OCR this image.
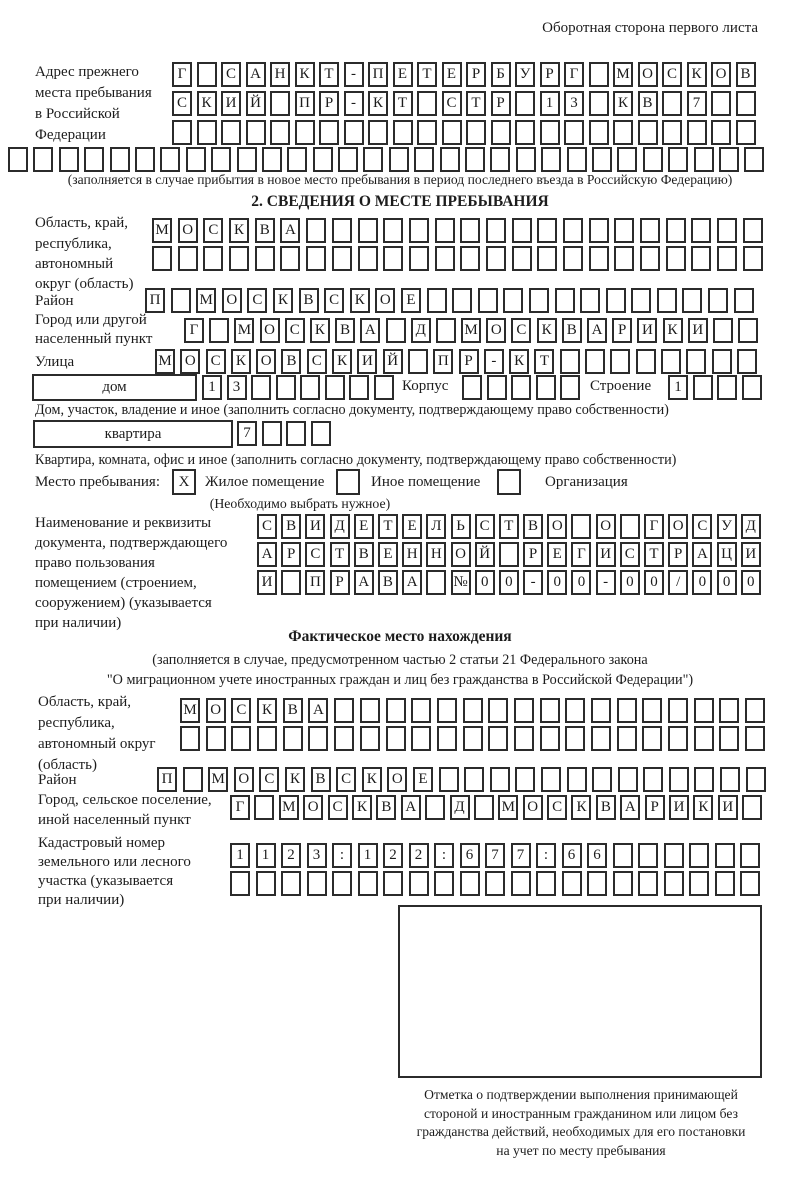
Оборотная сторона первого листа
Адрес прежнего
места пребывания
в Российской
Федерации
Г	С А Н К Т	-	П Е	Т	Е	Р	Б У	Р	Г	М О С К О В
С К И Й	П Р	-	К Т	С Т	Р	1	3	К В	7
(заполняется в случае прибытия в новое место пребывания в период последнего въезда в Российскую Федерацию)
2. СВЕДЕНИЯ О МЕСТЕ ПРЕБЫВАНИЯ
Область, край,
республика,
автономный
округ (область)
М О	С	К	В	А
Район	П	М О	С	К	В	С	К	О	Е
Город или другой
населенный пункт
Г	М О С	К	В А	Д	М О С	К	В А	Р	И К И
Улица	М О С	К О В	С	К И Й	П	Р	-	К	Т
дом	1	3	Корпус	Строение	1
Дом, участок, владение и иное (заполнить согласно документу, подтверждающему право собственности)
квартира	7
Квартира, комната, офис и иное (заполнить согласно документу, подтверждающему право собственности)
Место пребывания: X Жилое помещение	Иное помещение	Организация
(Необходимо выбрать нужное)
Наименование и реквизиты
документа, подтверждающего
право пользования
помещением (строением,
сооружением) (указывается
при наличии)
С В И Д Е	Т	Е Л Ь С Т В О	О	Г О С У Д
А Р	С Т В Е Н Н О Й	Р	Е	Г И С Т	Р А Ц И
И	П Р А В А	№ 0	0	-	0	0	-	0	0	/	0	0	0
Фактическое место нахождения
(заполняется в случае, предусмотренном частью 2 статьи 21 Федерального закона
"О миграционном учете иностранных граждан и лиц без гражданства в Российской Федерации")
Область, край,
республика,
автономный округ
(область)
М О	С	К	В	А
Район	П	М О	С	К	В	С	К	О	Е
Город, сельское поселение,
иной населенный пункт
Г	М О С К В А	Д	М О С К В А Р И К И
Кадастровый номер
земельного или лесного
участка (указывается
при наличии)
1	1	2	3	:	1	2	2	:	6	7	7	:	6	6
Отметка о подтверждении выполнения принимающей
стороной и иностранным гражданином или лицом без
гражданства действий, необходимых для его постановки
на учет по месту пребывания
